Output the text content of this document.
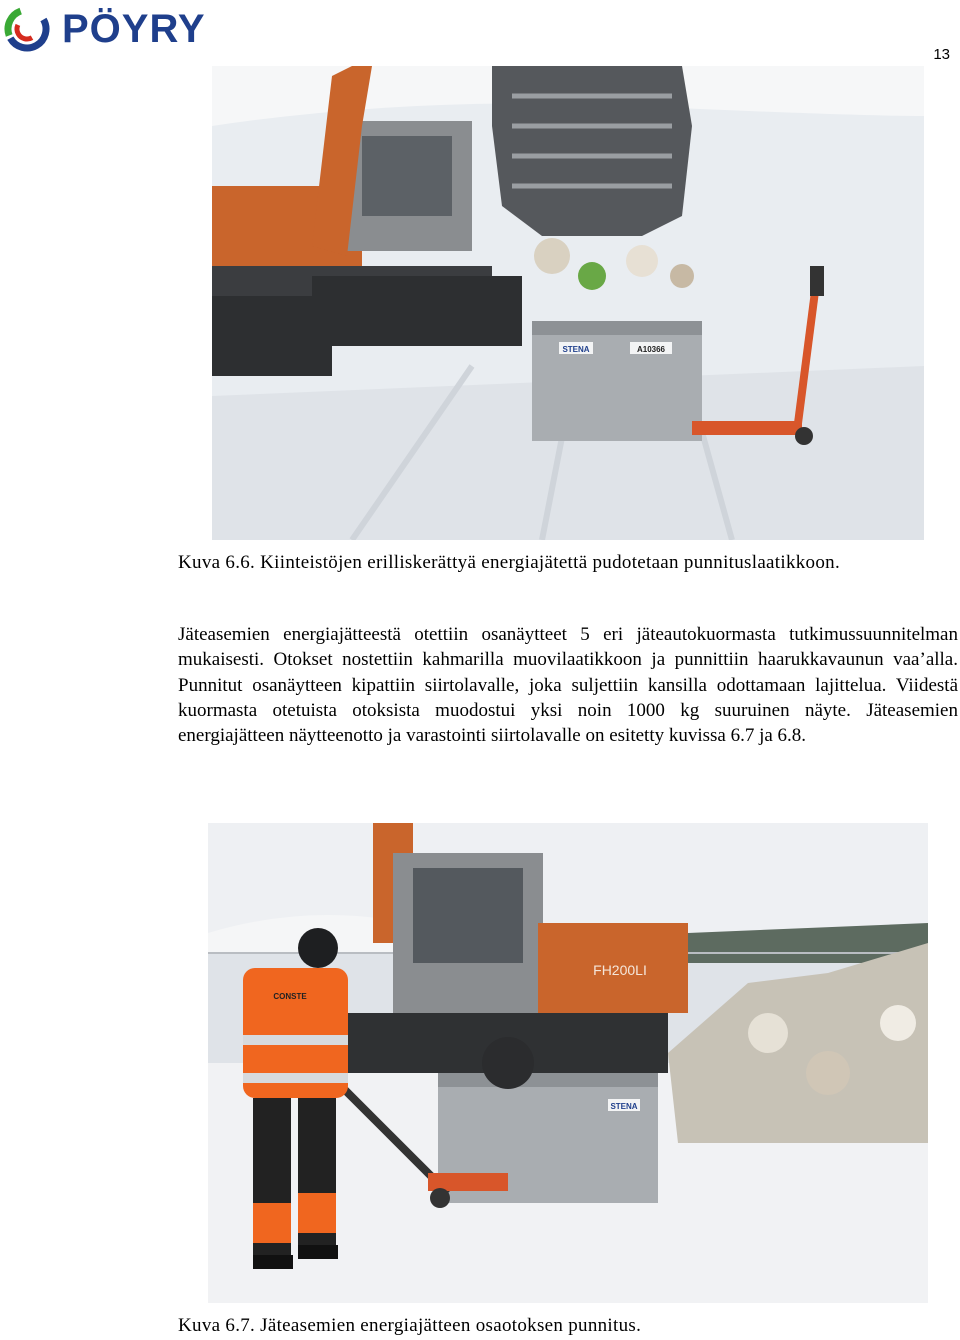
PÖYRY
13
STENA	A10366
Kuva 6.6. Kiinteistöjen erilliskerättyä energiajätettä pudotetaan punnituslaatikkoon.
Jäteasemien energiajätteestä otettiin osanäytteet 5 eri jäteautokuormasta tutkimussuunnitelman mukaisesti. Otokset nostettiin kahmarilla muovilaatikkoon ja punnittiin haarukkavaunun vaa’alla. Punnitut osanäytteen kipattiin siirtolavalle, joka suljettiin kansilla odottamaan lajittelua. Viidestä kuormasta otetuista otoksista muodostui yksi noin 1000 kg suuruinen näyte. Jäteasemien energiajätteen näytteenotto ja varastointi siirtolavalle on esitetty kuvissa 6.7 ja 6.8.
FH200LI
STENA
CONSTE
Kuva 6.7. Jäteasemien energiajätteen osaotoksen punnitus.
